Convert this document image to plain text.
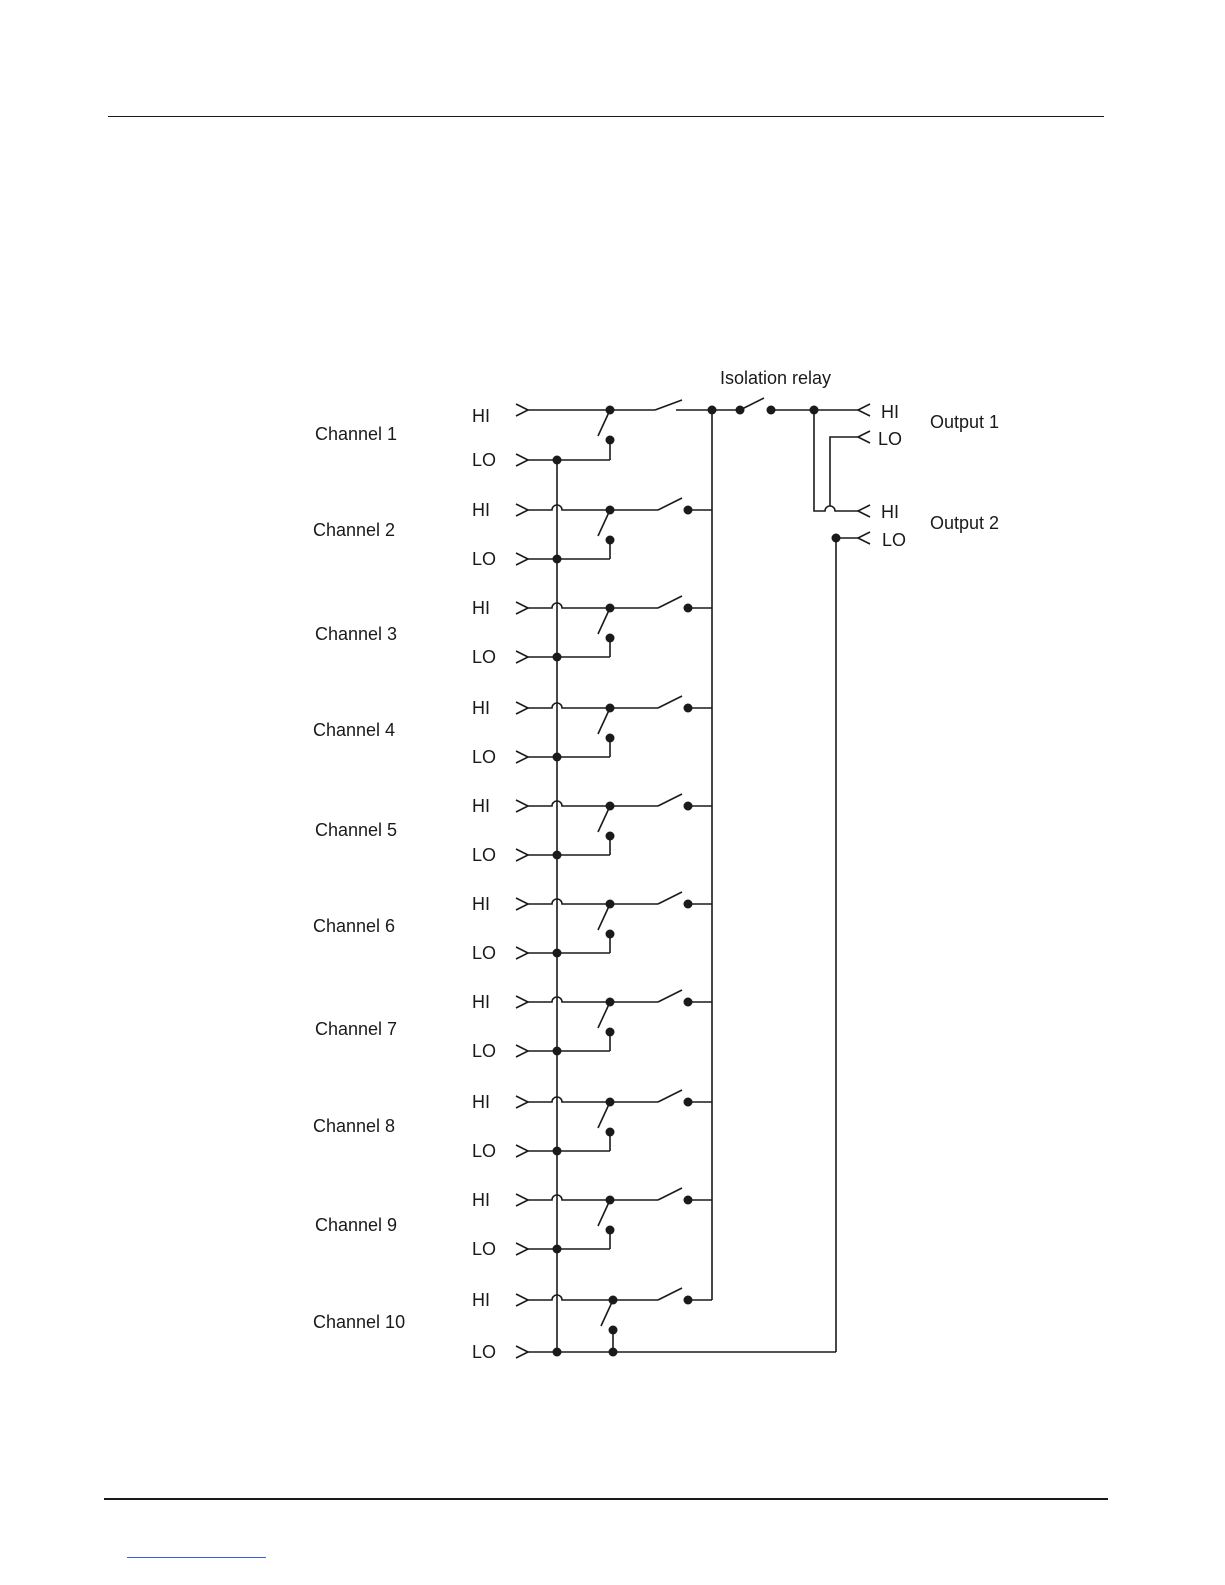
Isolation relay
Channel 1
HI
LO
Channel 2
HI
LO
Channel 3
HI
LO
Channel 4
HI
LO
Channel 5
HI
LO
Channel 6
HI
LO
Channel 7
HI
LO
Channel 8
HI
LO
Channel 9
HI
LO
Channel 10
HI
LO
HI
LO
Output 1
HI
LO
Output 2
